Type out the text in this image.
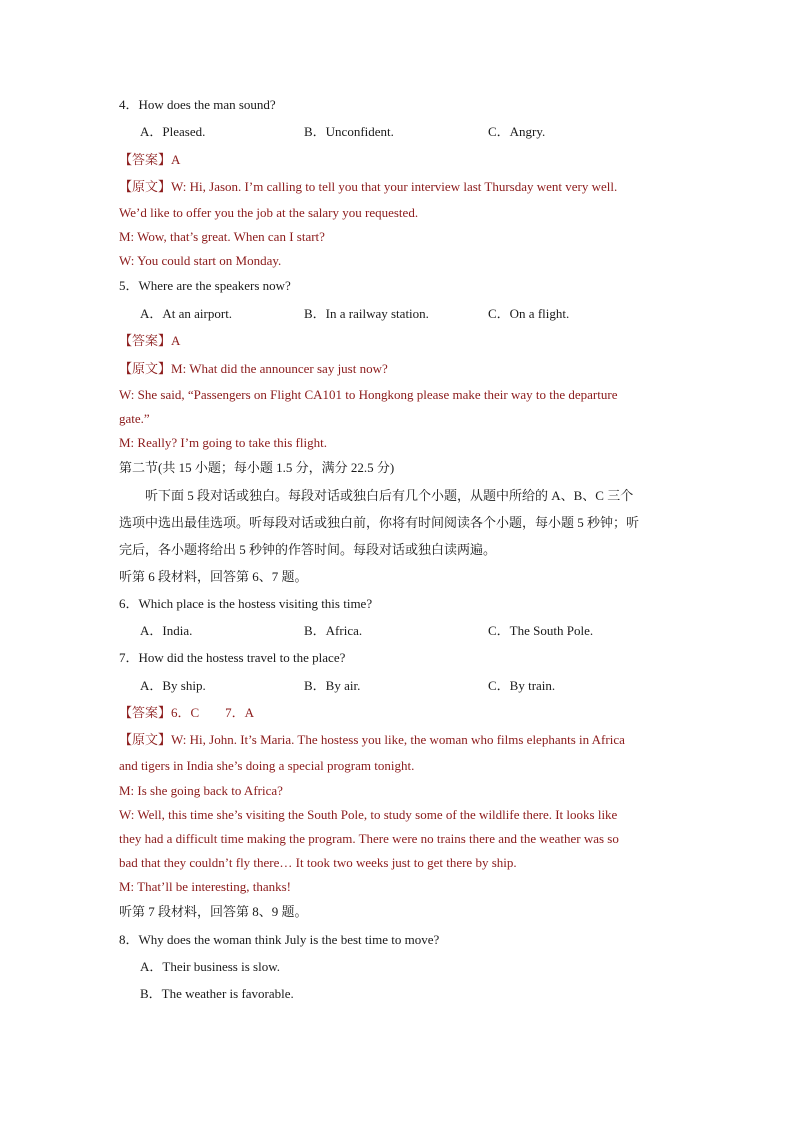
4．How does the man sound?
A．Pleased.	B．Unconfident.	C．Angry.
【答案】A
【原文】W: Hi, Jason. I’m calling to tell you that your interview last Thursday went very well.
We’d like to offer you the job at the salary you requested.
M: Wow, that’s great. When can I start?
W: You could start on Monday.
5．Where are the speakers now?
A．At an airport.	B．In a railway station.	C．On a flight.
【答案】A
【原文】M: What did the announcer say just now?
W: She said, “Passengers on Flight CA101 to Hongkong please make their way to the departure
gate.”
M: Really? I’m going to take this flight.
第二节(共 15 小题；每小题 1.5 分，满分 22.5 分)
听下面 5 段对话或独白。每段对话或独白后有几个小题，从题中所给的 A、B、C 三个
选项中选出最佳选项。听每段对话或独白前，你将有时间阅读各个小题，每小题 5 秒钟；听
完后，各小题将给出 5 秒钟的作答时间。每段对话或独白读两遍。
听第 6 段材料，回答第 6、7 题。
6．Which place is the hostess visiting this time?
A．India.	B．Africa.	C．The South Pole.
7．How did the hostess travel to the place?
A．By ship.	B．By air.	C．By train.
【答案】6．C　　7．A
【原文】W: Hi, John. It’s Maria. The hostess you like, the woman who films elephants in Africa
and tigers in India she’s doing a special program tonight.
M: Is she going back to Africa?
W: Well, this time she’s visiting the South Pole, to study some of the wildlife there. It looks like
they had a difficult time making the program. There were no trains there and the weather was so
bad that they couldn’t fly there… It took two weeks just to get there by ship.
M: That’ll be interesting, thanks!
听第 7 段材料，回答第 8、9 题。
8．Why does the woman think July is the best time to move?
A．Their business is slow.
B．The weather is favorable.
